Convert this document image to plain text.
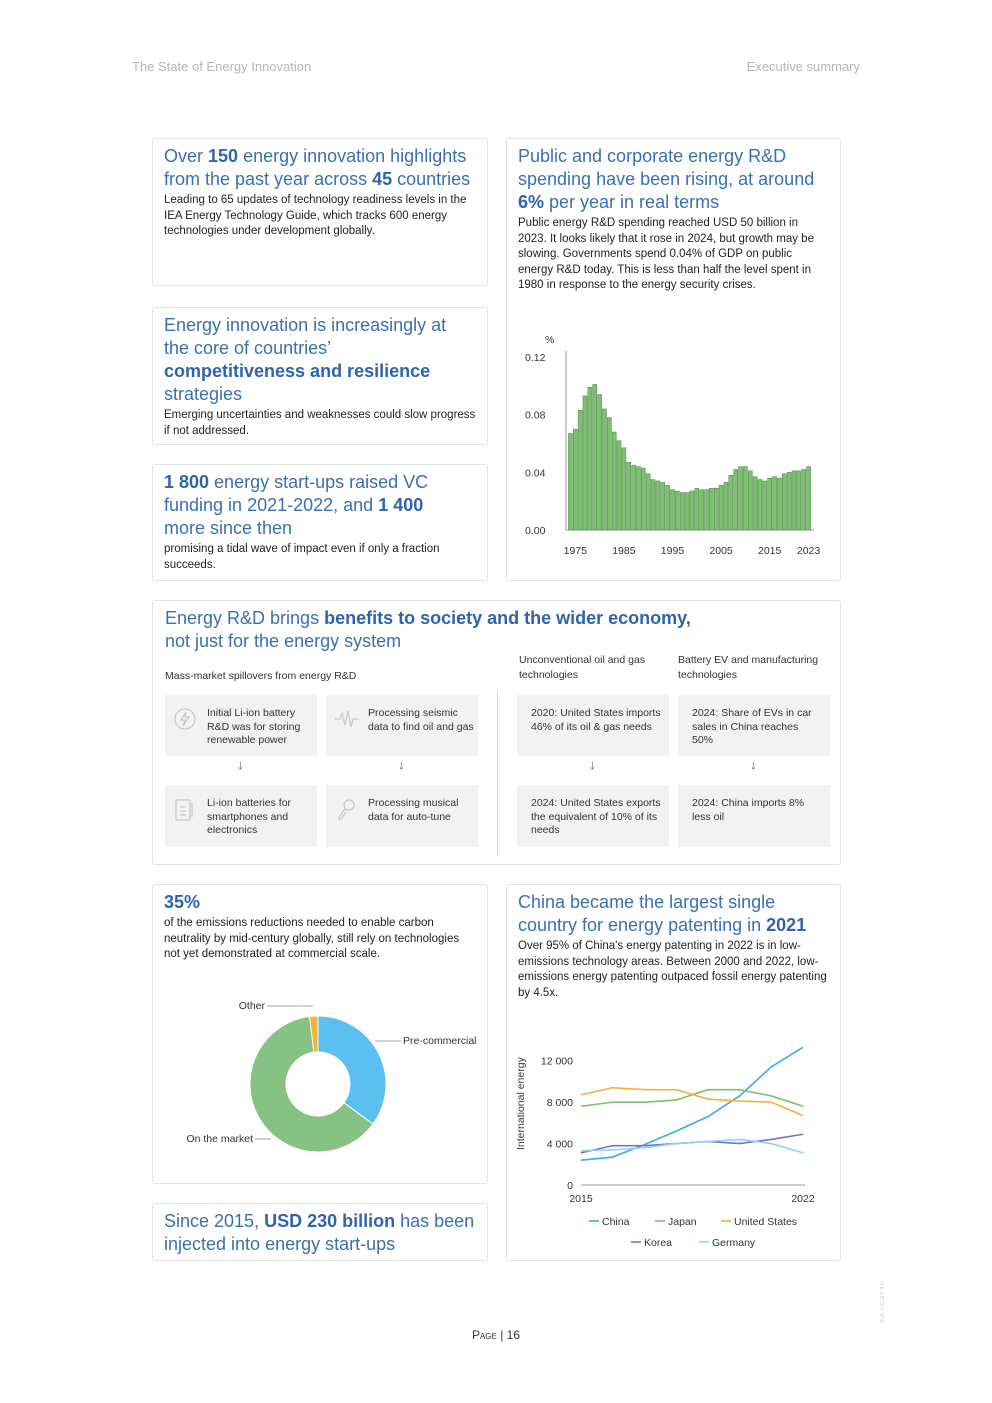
The State of Energy Innovation	Executive summary
Over 150 energy innovation highlights from the past year across 45 countries
Leading to 65 updates of technology readiness levels in the IEA Energy Technology Guide, which tracks 600 energy technologies under development globally.
Energy innovation is increasingly at the core of countries’ competitiveness and resilience strategies
Emerging uncertainties and weaknesses could slow progress if not addressed.
1 800 energy start-ups raised VC funding in 2021-2022, and 1 400 more since then
promising a tidal wave of impact even if only a fraction succeeds.
Public and corporate energy R&D spending have been rising, at around 6% per year in real terms
Public energy R&D spending reached USD 50 billion in 2023. It looks likely that it rose in 2024, but growth may be slowing. Governments spend 0.04% of GDP on public energy R&D today. This is less than half the level spent in 1980 in response to the energy security crises.
%
0.00
0.04
0.08
0.12
1975 1985 1995 2005 2015 2023
Energy R&D brings benefits to society and the wider economy,
not just for the energy system
Mass-market spillovers from energy R&D
Unconventional oil and gas technologies
Battery EV and manufacturing technologies
Initial Li-ion battery R&D was for storing renewable power
Processing seismic data to find oil and gas
2020: United States imports 46% of its oil & gas needs
2024: Share of EVs in car sales in China reaches 50%
↓	↓	↓	↓
Li-ion batteries for smartphones and electronics
Processing musical data for auto-tune
2024: United States exports the equivalent of 10% of its needs
2024: China imports 8% less oil
35%
of the emissions reductions needed to enable carbon neutrality by mid-century globally, still rely on technologies not yet demonstrated at commercial scale.
Pre-commercial
On the market
Other
Since 2015, USD 230 billion has been injected into energy start-ups
China became the largest single country for energy patenting in 2021
Over 95% of China's energy patenting in 2022 is in low-emissions technology areas. Between 2000 and 2022, low-emissions energy patenting outpaced fossil energy patenting by 4.5x.
International energy
0
4 000
8 000
12 000
2015	2022
China	Japan	United States
Korea	Germany
Page | 16
IEA. CC BY 4.0.
